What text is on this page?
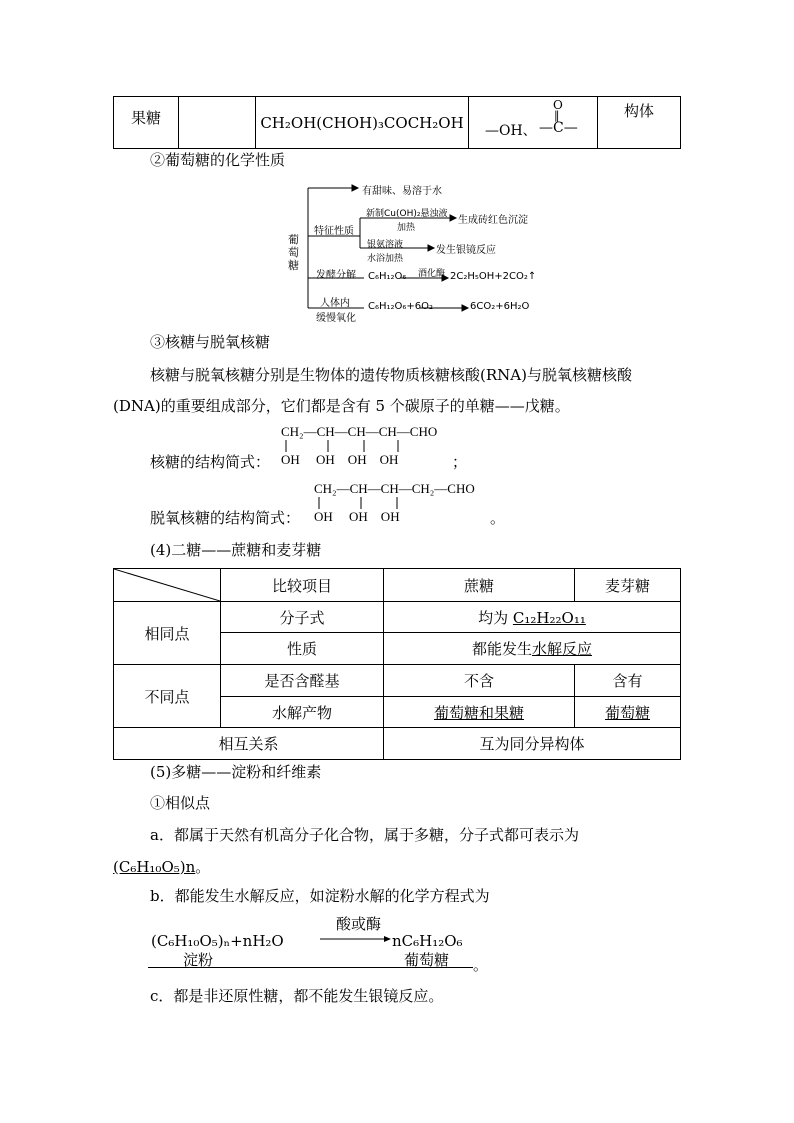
果糖		CH₂OH(CHOH)₃COCH₂OH	—OH、
O
‖
—C—
	构体
②葡萄糖的化学性质
葡萄糖
有甜味、易溶于水
特征性质
新制Cu(OH)₂悬浊液
加热
生成砖红色沉淀
银氨溶液
水浴加热
发生银镜反应
发酵分解 C₆H₁₂O₆ 酒化酶 2C₂H₅OH+2CO₂↑
人体内
缓慢氧化
C₆H₁₂O₆+6O₂	6CO₂+6H₂O
③核糖与脱氧核糖
核糖与脱氧核糖分别是生物体的遗传物质核糖核酸(RNA)与脱氧核糖核酸
(DNA)的重要组成部分，它们都是含有 5 个碳原子的单糖——戊糖。
核糖的结构简式：
CH₂—CH—CH—CH—CHO
OH     OH    OH    OH	；
脱氧核糖的结构简式：
CH₂—CH—CH—CH₂—CHO
OH     OH    OH	。
(4)二糖——蔗糖和麦芽糖
	比较项目	蔗糖	麦芽糖
相同点	分子式	均为 C₁₂H₂₂O₁₁	
	性质	都能发生水解反应	
不同点	是否含醛基	不含	含有
	水解产物	葡萄糖和果糖	葡萄糖
相互关系		互为同分异构体	
(5)多糖——淀粉和纤维素
①相似点
a．都属于天然有机高分子化合物，属于多糖，分子式都可表示为
(C₆H₁₀O₅)n。
b．都能发生水解反应，如淀粉水解的化学方程式为
(C₆H₁₀O₅)ₙ+nH₂O
酸或酶
nC₆H₁₂O₆
淀粉	葡萄糖 。
c．都是非还原性糖，都不能发生银镜反应。
